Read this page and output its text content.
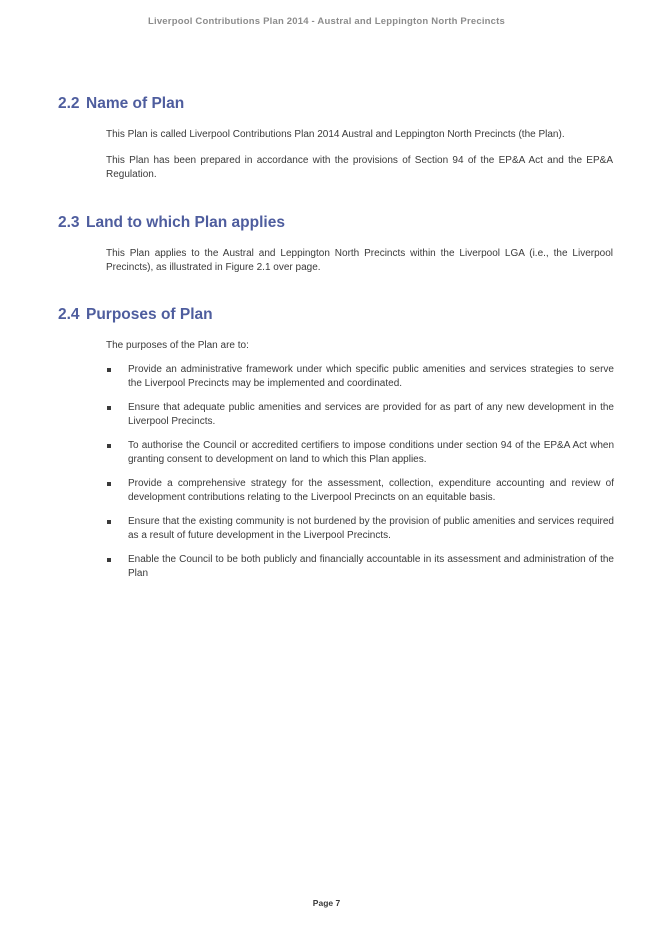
Liverpool Contributions Plan 2014 - Austral and Leppington North Precincts
2.2 Name of Plan
This Plan is called Liverpool Contributions Plan 2014 Austral and Leppington North Precincts (the Plan).
This Plan has been prepared in accordance with the provisions of Section 94 of the EP&A Act and the EP&A Regulation.
2.3 Land to which Plan applies
This Plan applies to the Austral and Leppington North Precincts within the Liverpool LGA (i.e., the Liverpool Precincts), as illustrated in Figure 2.1 over page.
2.4 Purposes of Plan
The purposes of the Plan are to:
Provide an administrative framework under which specific public amenities and services strategies to serve the Liverpool Precincts may be implemented and coordinated.
Ensure that adequate public amenities and services are provided for as part of any new development in the Liverpool Precincts.
To authorise the Council or accredited certifiers to impose conditions under section 94 of the EP&A Act when granting consent to development on land to which this Plan applies.
Provide a comprehensive strategy for the assessment, collection, expenditure accounting and review of development contributions relating to the Liverpool Precincts on an equitable basis.
Ensure that the existing community is not burdened by the provision of public amenities and services required as a result of future development in the Liverpool Precincts.
Enable the Council to be both publicly and financially accountable in its assessment and administration of the Plan
Page 7
